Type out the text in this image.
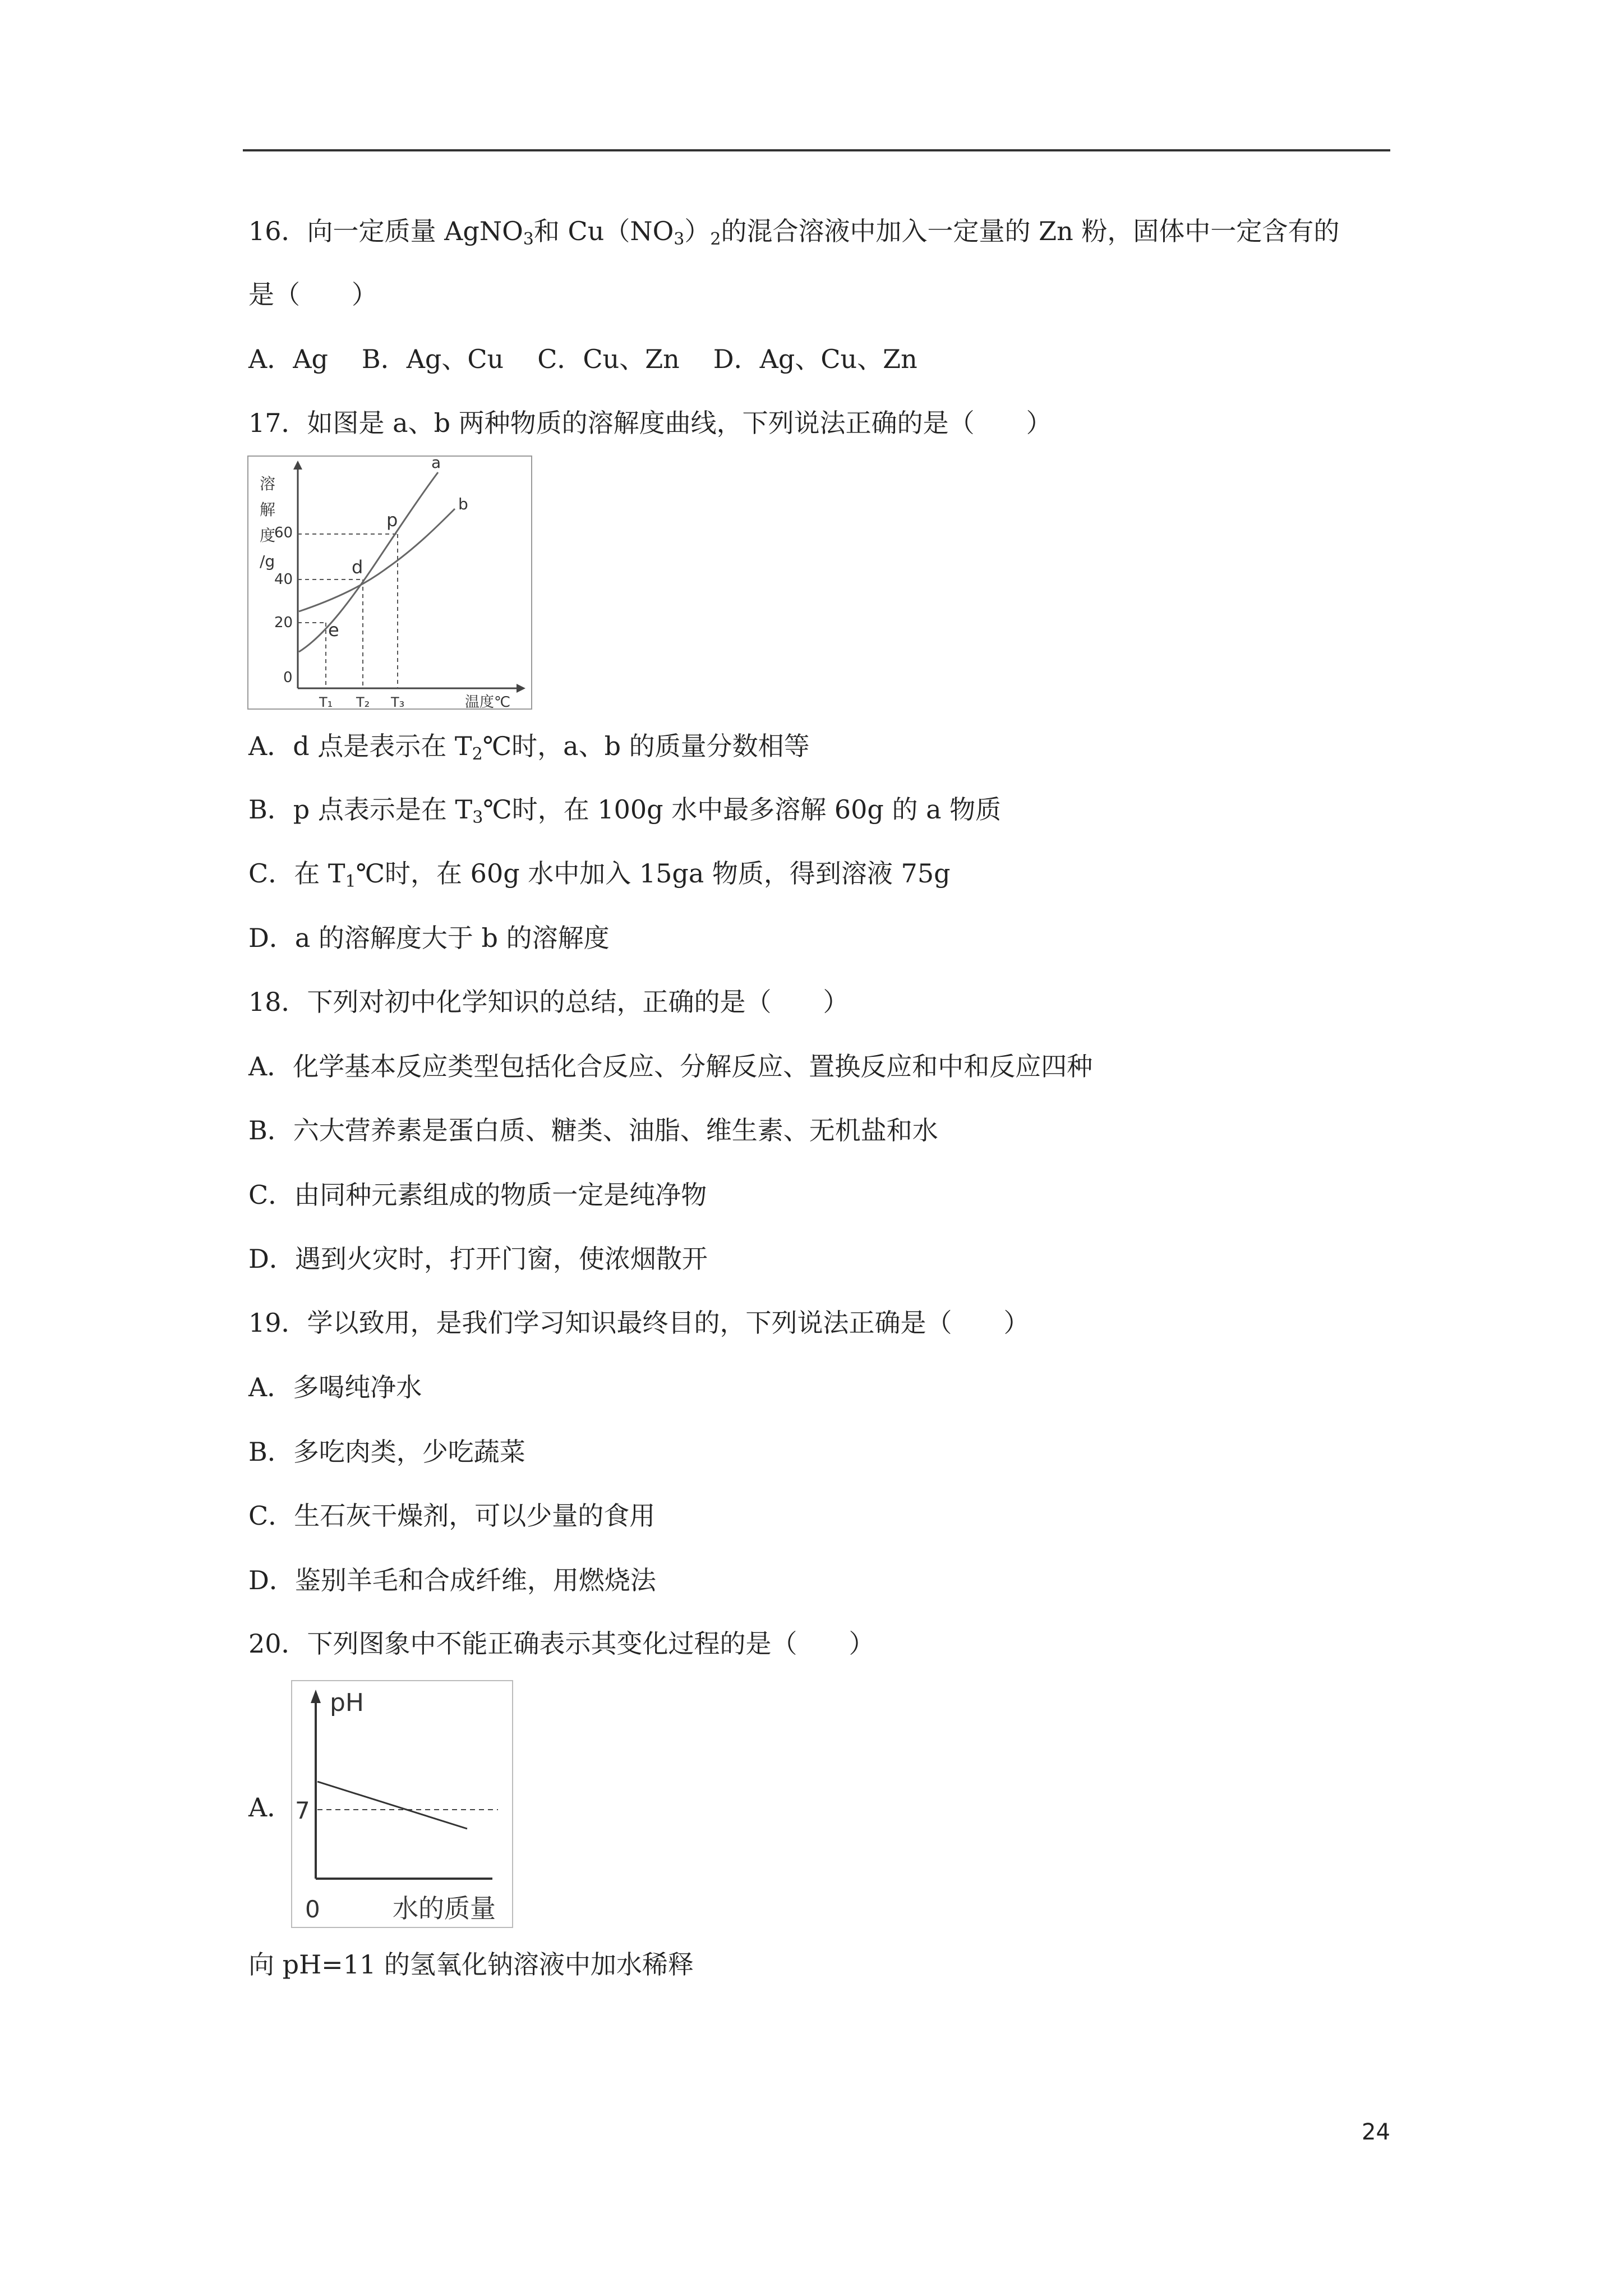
16．向一定质量 AgNO$_3$和 $Cu(NO_3)_2$的混合溶液中加入一定量的 Zn 粉，固体中一定含有的
是（　　）
A．Ag B．Ag、Cu C．Cu、Zn D．Ag、Cu、Zn
17．如图是 a、b 两种物质的溶解度曲线，下列说法正确的是（　　）
溶
解
度
/g
20
40
60
a
b
p
d
e
0
T₁ T₂ T₃	温度℃
A．d 点是表示在 $T_2℃$时，a、b 的质量分数相等
B．p 点表示是在 $T_3℃$时，在 100g 水中最多溶解 60g 的 a 物质
C．在 $T_1℃$时，在 60g 水中加入 15ga 物质，得到溶液 75g
D．a 的溶解度大于 b 的溶解度
18．下列对初中化学知识的总结，正确的是（　　）
A．化学基本反应类型包括化合反应、分解反应、置换反应和中和反应四种
B．六大营养素是蛋白质、糖类、油脂、维生素、无机盐和水
C．由同种元素组成的物质一定是纯净物
D．遇到火灾时，打开门窗，使浓烟散开
19．学以致用，是我们学习知识最终目的，下列说法正确是（　　）
A．多喝纯净水
B．多吃肉类，少吃蔬菜
C．生石灰干燥剂，可以少量的食用
D．鉴别羊毛和合成纤维，用燃烧法
20．下列图象中不能正确表示其变化过程的是（　　）
A．
pH
7
0	水的质量
向 pH=11 的氢氧化钠溶液中加水稀释
24
